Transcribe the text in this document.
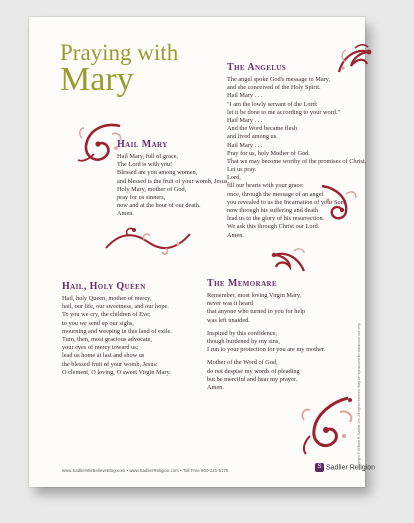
Praying with
Mary
Hail Mary
Hail Mary, full of grace,
The Lord is with you!
Blessed are you among women,
and blessed is the fruit of your womb, Jesus.
Holy Mary, mother of God,
pray for us sinners,
now and at the hour of our death.
Amen.
The Angelus
The angel spoke God's message to Mary,
and she conceived of the Holy Spirit.
Hail Mary . . .
"I am the lowly servant of the Lord:
let it be done to me according to your word."
Hail Mary . . .
And the Word became flesh
and lived among us.
Hail Mary . . .
Pray for us, holy Mother of God.
That we may become worthy of the promises of Christ.
Let us pray.
Lord,
fill our hearts with your grace:
once, through the message of an angel
you revealed to us the Incarnation of your Son;
now through his suffering and death
lead us to the glory of his resurrection.
We ask this through Christ our Lord.
Amen.
Hail, Holy Queen
Hail, holy Queen, mother of mercy,
hail, our life, our sweetness, and our hope.
To you we cry, the children of Eve;
to you we send up our sighs,
mourning and weeping in this land of exile.
Turn, then, most gracious advocate,
your eyes of mercy toward us;
lead us home at last and show us
the blessed fruit of your womb, Jesus:
O clement, O loving, O sweet Virgin Mary.
The Memorare
Remember, most loving Virgin Mary,
never was it heard
that anyone who turned to you for help
was left unaided.
Inspired by this confidence,
though burdened by my sins,
I run to your protection for you are my mother.
Mother of the Word of God,
do not despise my words of pleading
but be merciful and hear my prayer.
Amen.
www.SadlierWeBelieveBlog.com • www.SadlierReligion.com • Toll Free 800-221-5175
S Sadlier Religion
Copyright © William H. Sadlier, Inc. All rights reserved. May be reproduced for classroom use only.
